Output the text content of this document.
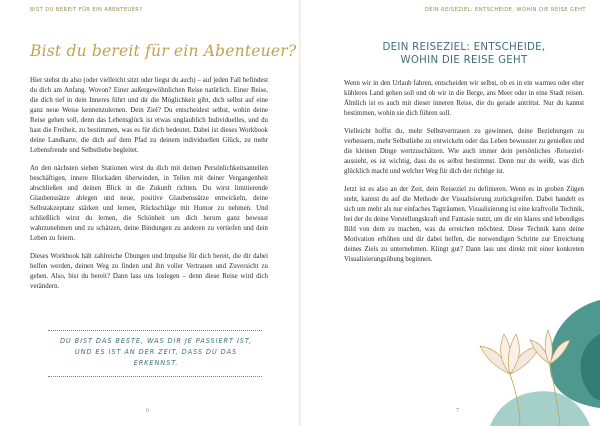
BIST DU BEREIT FÜR EIN ABENTEUER?
Bist du bereit für ein Abenteuer?

Hier stehst du also (oder vielleicht sitzt oder liegst du auch) – auf jeden Fall befindest du dich am Anfang. Wovon? Einer außergewöhnlichen Reise natürlich. Einer Reise, die dich tief in dein Inneres führt und dir die Möglichkeit gibt, dich selbst auf eine ganz neue Weise kennenzulernen. Dein Ziel? Du entscheidest selbst, wohin deine Reise gehen soll, denn das Lebensglück ist etwas unglaublich Individuelles, und du hast die Freiheit, zu bestimmen, was es für dich bedeutet. Dabei ist dieses Workbook deine Landkarte, die dich auf dem Pfad zu deinem individuellen Glück, zu mehr Lebensfreude und Selbstliebe begleitet.

An den nächsten sieben Stationen wirst du dich mit deinen Persönlichkeitsanteilen beschäftigen, innere Blockaden überwinden, in Teilen mit deiner Vergangenheit abschließen und deinen Blick in die Zukunft richten. Du wirst limitierende Glaubenssätze ablegen und neue, positive Glaubenssätze entwickeln, deine Selbstakzeptanz stärken und lernen, Rückschläge mit Humor zu nehmen. Und schließlich wirst du lernen, die Schönheit um dich herum ganz bewusst wahrzunehmen und zu schätzen, deine Bindungen zu anderen zu vertiefen und dein Leben zu feiern.

Dieses Workbook hält zahlreiche Übungen und Impulse für dich bereit, die dir dabei helfen werden, deinen Weg zu finden und ihn voller Vertrauen und Zuversicht zu gehen. Also, bist du bereit? Dann lass uns loslegen – denn diese Reise wird dich verändern.

DU BIST DAS BESTE, WAS DIR JE PASSIERT IST, UND ES IST AN DER ZEIT, DASS DU DAS ERKENNST.
6
DEIN REISEZIEL: ENTSCHEIDE, WOHIN DIE REISE GEHT
DEIN REISEZIEL: ENTSCHEIDE,
WOHIN DIE REISE GEHT

Wenn wir in den Urlaub fahren, entscheiden wir selbst, ob es in ein warmes oder eher kühleres Land gehen soll und ob wir in die Berge, ans Meer oder in eine Stadt reisen. Ähnlich ist es auch mit dieser inneren Reise, die du gerade antrittst. Nur du kannst bestimmen, wohin sie dich führen soll.

Vielleicht hoffst du, mehr Selbstvertrauen zu gewinnen, deine Beziehungen zu verbessern, mehr Selbstliebe zu entwickeln oder das Leben bewusster zu genießen und die kleinen Dinge wertzuschätzen. Wie auch immer dein persönliches ›Reiseziel‹ aussieht, es ist wichtig, dass du es selbst bestimmst. Denn nur du weißt, was dich glücklich macht und welcher Weg für dich der richtige ist.

Jetzt ist es also an der Zeit, dein Reiseziel zu definieren. Wenn es in groben Zügen steht, kannst du auf die Methode der Visualisierung zurückgreifen. Dabei handelt es sich um mehr als nur einfaches Tagträumen. Visualisierung ist eine kraftvolle Technik, bei der du deine Vorstellungskraft und Fantasie nutzt, um dir ein klares und lebendiges Bild von dem zu machen, was du erreichen möchtest. Diese Technik kann deine Motivation erhöhen und dir dabei helfen, die notwendigen Schritte zur Erreichung deines Ziels zu unternehmen. Klingt gut? Dann lass uns direkt mit einer konkreten Visualisierungsübung beginnen.

7
